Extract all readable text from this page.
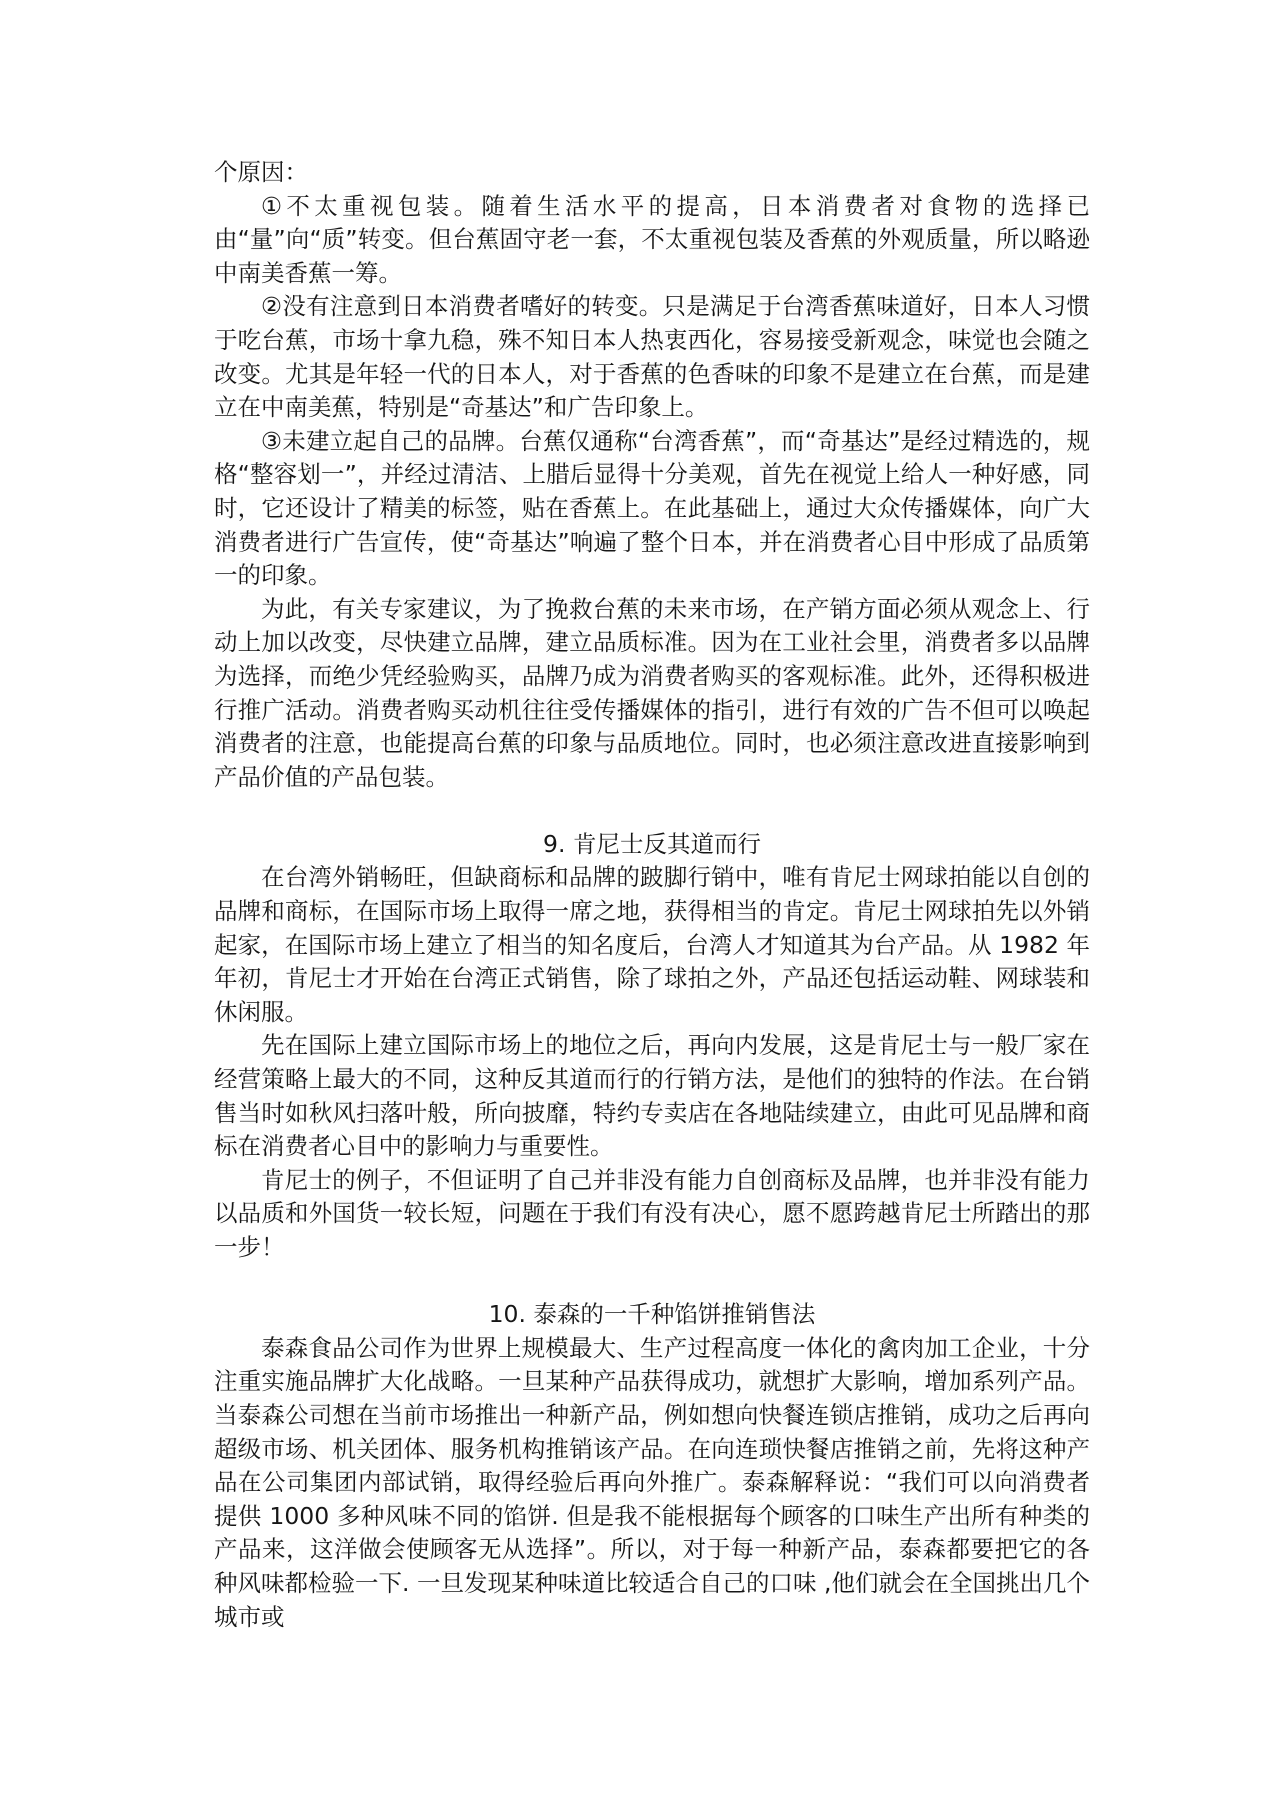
个原因：

①不太重视包装。随着生活水平的提高，日本消费者对食物的选择已由“量”向“质”转变。但台蕉固守老一套，不太重视包装及香蕉的外观质量，所以略逊中南美香蕉一筹。

②没有注意到日本消费者嗜好的转变。只是满足于台湾香蕉味道好，日本人习惯于吃台蕉，市场十拿九稳，殊不知日本人热衷西化，容易接受新观念，味觉也会随之改变。尤其是年轻一代的日本人，对于香蕉的色香味的印象不是建立在台蕉，而是建立在中南美蕉，特别是“奇基达”和广告印象上。

③未建立起自己的品牌。台蕉仅通称“台湾香蕉”，而“奇基达”是经过精选的，规格“整容划一”，并经过清洁、上腊后显得十分美观，首先在视觉上给人一种好感，同时，它还设计了精美的标签，贴在香蕉上。在此基础上，通过大众传播媒体，向广大消费者进行广告宣传，使“奇基达”响遍了整个日本，并在消费者心目中形成了品质第一的印象。

为此，有关专家建议，为了挽救台蕉的未来市场，在产销方面必须从观念上、行动上加以改变，尽快建立品牌，建立品质标准。因为在工业社会里，消费者多以品牌为选择，而绝少凭经验购买，品牌乃成为消费者购买的客观标准。此外，还得积极进行推广活动。消费者购买动机往往受传播媒体的指引，进行有效的广告不但可以唤起消费者的注意，也能提高台蕉的印象与品质地位。同时，也必须注意改进直接影响到产品价值的产品包装。

9. 肯尼士反其道而行

在台湾外销畅旺，但缺商标和品牌的跛脚行销中，唯有肯尼士网球拍能以自创的品牌和商标，在国际市场上取得一席之地，获得相当的肯定。肯尼士网球拍先以外销起家，在国际市场上建立了相当的知名度后，台湾人才知道其为台产品。从 1982 年年初，肯尼士才开始在台湾正式销售，除了球拍之外，产品还包括运动鞋、网球装和休闲服。

先在国际上建立国际市场上的地位之后，再向内发展，这是肯尼士与一般厂家在经营策略上最大的不同，这种反其道而行的行销方法，是他们的独特的作法。在台销售当时如秋风扫落叶般，所向披靡，特约专卖店在各地陆续建立，由此可见品牌和商标在消费者心目中的影响力与重要性。

肯尼士的例子，不但证明了自己并非没有能力自创商标及品牌，也并非没有能力以品质和外国货一较长短，问题在于我们有没有决心，愿不愿跨越肯尼士所踏出的那一步！

10. 泰森的一千种馅饼推销售法

泰森食品公司作为世界上规模最大、生产过程高度一体化的禽肉加工企业，十分注重实施品牌扩大化战略。一旦某种产品获得成功，就想扩大影响，增加系列产品。当泰森公司想在当前市场推出一种新产品，例如想向快餐连锁店推销，成功之后再向超级市场、机关团体、服务机构推销该产品。在向连琐快餐店推销之前，先将这种产品在公司集团内部试销，取得经验后再向外推广。泰森解释说：“我们可以向消费者提供 1000 多种风味不同的馅饼. 但是我不能根据每个顾客的口味生产出所有种类的产品来，这洋做会使顾客无从选择”。所以，对于每一种新产品，泰森都要把它的各种风味都检验一下. 一旦发现某种味道比较适合自己的口味 ,他们就会在全国挑出几个城市或
